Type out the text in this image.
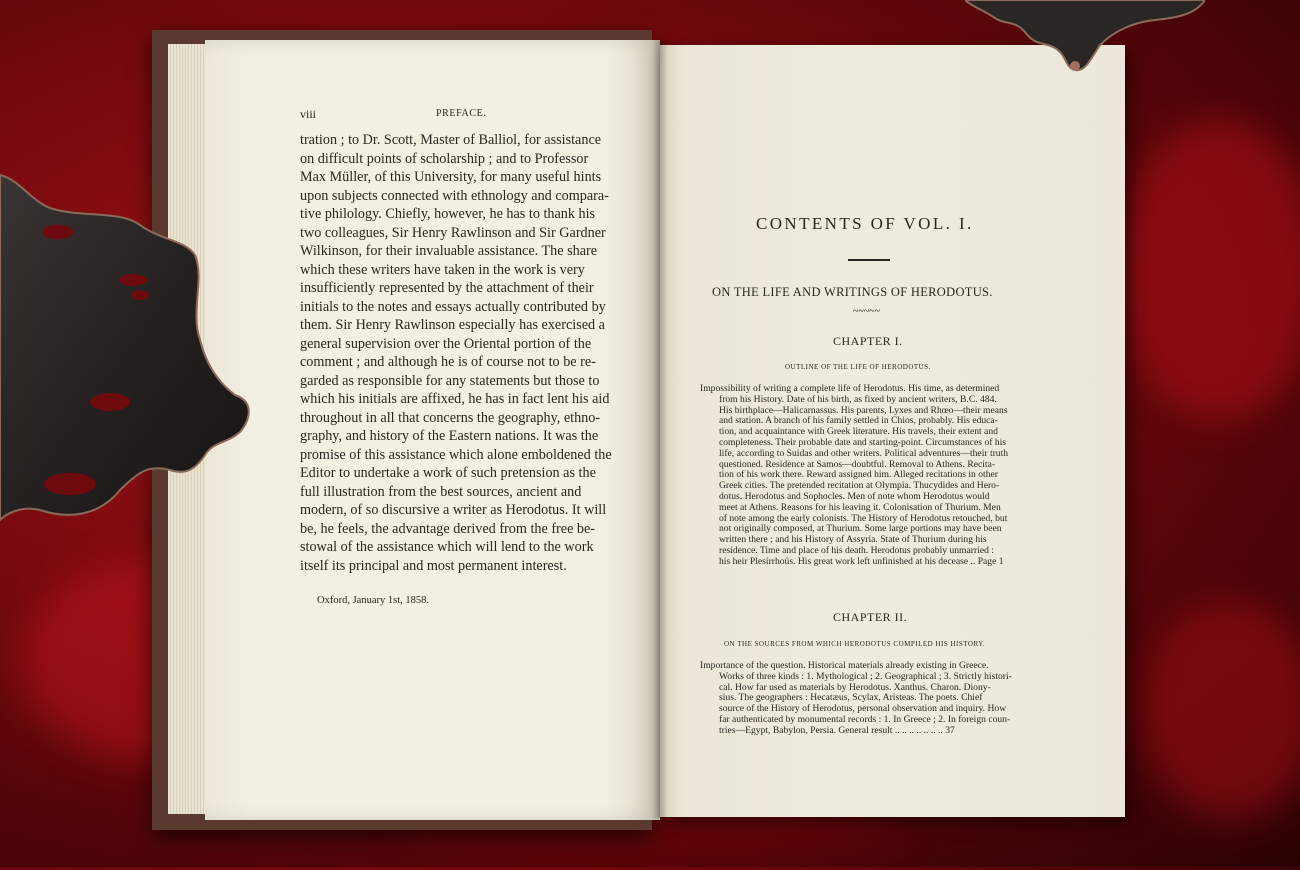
viii	PREFACE.
tration ; to Dr. Scott, Master of Balliol, for assistance
on difficult points of scholarship ; and to Professor
Max Müller, of this University, for many useful hints
upon subjects connected with ethnology and compara-
tive philology. Chiefly, however, he has to thank his
two colleagues, Sir Henry Rawlinson and Sir Gardner
Wilkinson, for their invaluable assistance. The share
which these writers have taken in the work is very
insufficiently represented by the attachment of their
initials to the notes and essays actually contributed by
them. Sir Henry Rawlinson especially has exercised a
general supervision over the Oriental portion of the
comment ; and although he is of course not to be re-
garded as responsible for any statements but those to
which his initials are affixed, he has in fact lent his aid
throughout in all that concerns the geography, ethno-
graphy, and history of the Eastern nations. It was the
promise of this assistance which alone emboldened the
Editor to undertake a work of such pretension as the
full illustration from the best sources, ancient and
modern, of so discursive a writer as Herodotus. It will
be, he feels, the advantage derived from the free be-
stowal of the assistance which will lend to the work
itself its principal and most permanent interest.
Oxford, January 1st, 1858.
CONTENTS OF VOL. I.
ON THE LIFE AND WRITINGS OF HERODOTUS.
~~~~~
CHAPTER I.
OUTLINE OF THE LIFE OF HERODOTUS.
Impossibility of writing a complete life of Herodotus. His time, as determined
from his History. Date of his birth, as fixed by ancient writers, B.C. 484.
His birthplace—Halicarnassus. His parents, Lyxes and Rhœo—their means
and station. A branch of his family settled in Chios, probably. His educa-
tion, and acquaintance with Greek literature. His travels, their extent and
completeness. Their probable date and starting-point. Circumstances of his
life, according to Suidas and other writers. Political adventures—their truth
questioned. Residence at Samos—doubtful. Removal to Athens. Recita-
tion of his work there. Reward assigned him. Alleged recitations in other
Greek cities. The pretended recitation at Olympia. Thucydides and Hero-
dotus. Herodotus and Sophocles. Men of note whom Herodotus would
meet at Athens. Reasons for his leaving it. Colonisation of Thurium. Men
of note among the early colonists. The History of Herodotus retouched, but
not originally composed, at Thurium. Some large portions may have been
written there ; and his History of Assyria. State of Thurium during his
residence. Time and place of his death. Herodotus probably unmarried :
his heir Plesirrhoüs. His great work left unfinished at his decease .. Page 1
CHAPTER II.
ON THE SOURCES FROM WHICH HERODOTUS COMPILED HIS HISTORY.
Importance of the question. Historical materials already existing in Greece.
Works of three kinds : 1. Mythological ; 2. Geographical ; 3. Strictly histori-
cal. How far used as materials by Herodotus. Xanthus. Charon. Diony-
sius. The geographers : Hecatæus, Scylax, Aristeas. The poets. Chief
source of the History of Herodotus, personal observation and inquiry. How
far authenticated by monumental records : 1. In Greece ; 2. In foreign coun-
tries—Egypt, Babylon, Persia. General result .. .. .. .. .. .. .. 37
